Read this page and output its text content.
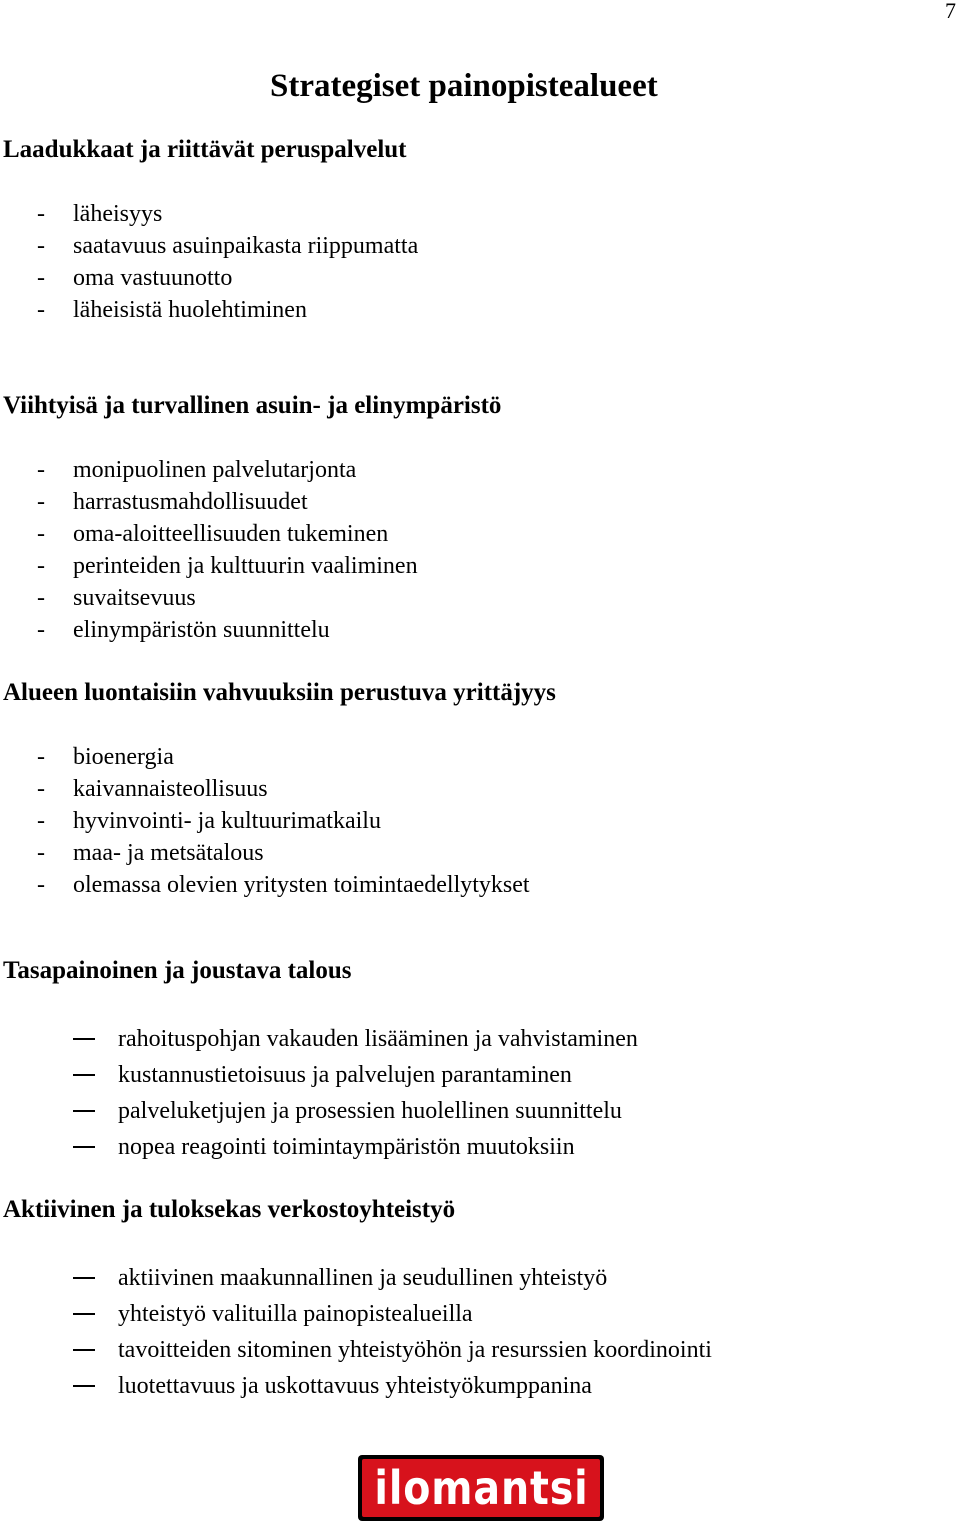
7
Strategiset painopistealueet
Laadukkaat ja riittävät peruspalvelut
- läheisyys
- saatavuus asuinpaikasta riippumatta
- oma vastuunotto
- läheisistä huolehtiminen
Viihtyisä ja turvallinen asuin- ja elinympäristö
- monipuolinen palvelutarjonta
- harrastusmahdollisuudet
- oma-aloitteellisuuden tukeminen
- perinteiden ja kulttuurin vaaliminen
- suvaitsevuus
- elinympäristön suunnittelu
Alueen luontaisiin vahvuuksiin perustuva yrittäjyys
- bioenergia
- kaivannaisteollisuus
- hyvinvointi- ja kultuurimatkailu
- maa- ja metsätalous
- olemassa olevien yritysten toimintaedellytykset
Tasapainoinen ja joustava talous
rahoituspohjan vakauden lisääminen ja vahvistaminen
kustannustietoisuus ja palvelujen parantaminen
palveluketjujen ja prosessien huolellinen suunnittelu
nopea reagointi toimintaympäristön muutoksiin
Aktiivinen ja tuloksekas verkostoyhteistyö
aktiivinen maakunnallinen ja seudullinen yhteistyö
yhteistyö valituilla painopistealueilla
tavoitteiden sitominen yhteistyöhön ja resurssien koordinointi
luotettavuus ja uskottavuus yhteistyökumppanina
ilomantsi
